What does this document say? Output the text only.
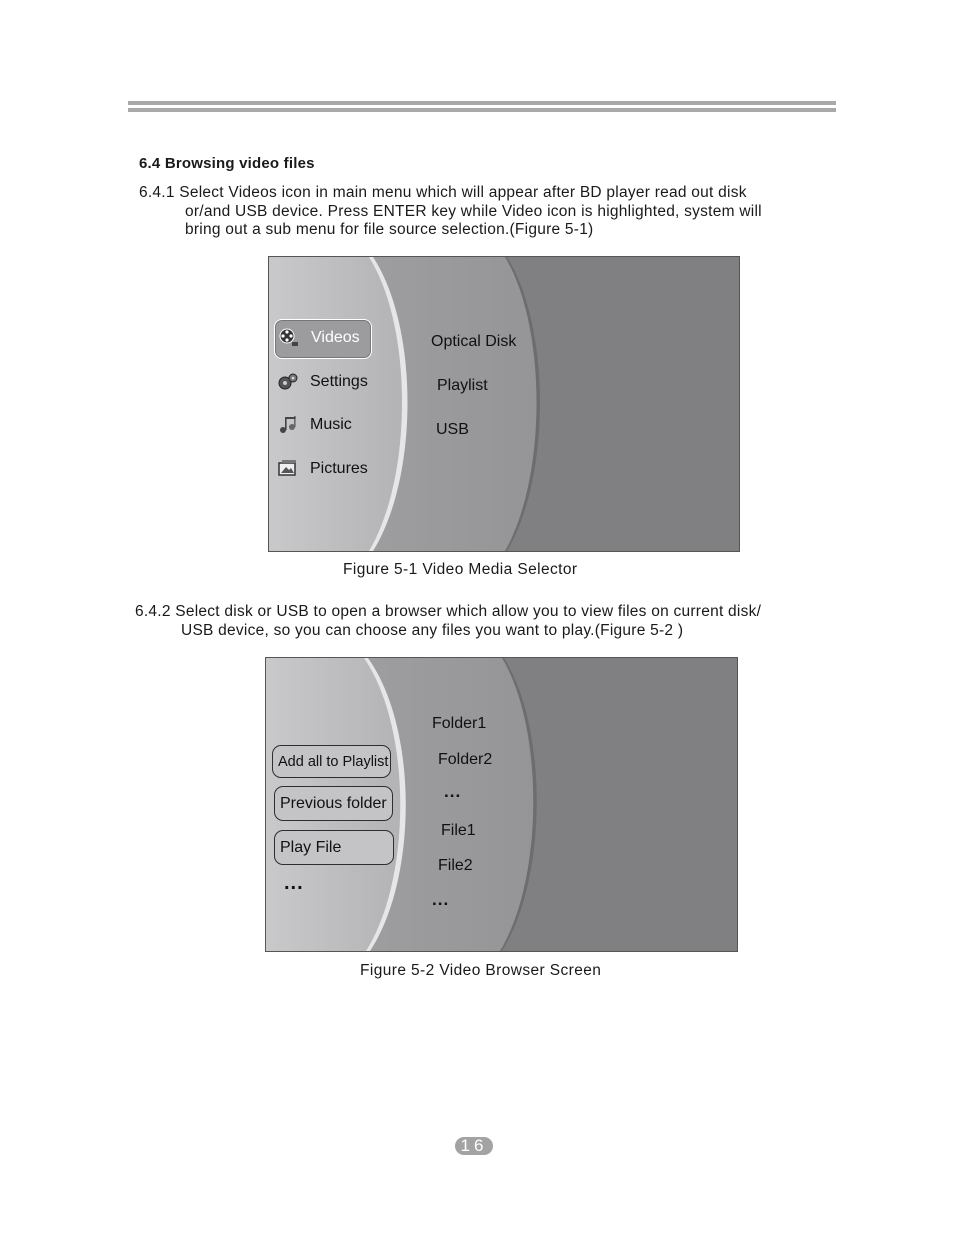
6.4 Browsing video files
6.4.1 Select Videos icon in main menu which will appear after BD player read out disk
or/and USB device. Press ENTER key while Video icon is highlighted, system will
bring out a sub menu for file source selection.(Figure 5-1)
Videos
Settings
Music
Pictures
Optical Disk
Playlist
USB
Figure 5-1 Video Media Selector
6.4.2 Select disk or USB to open a browser which allow you to view files on current disk/
USB device, so you can choose any files you want to play.(Figure 5-2 )
Add all to Playlist
Previous folder
Play File
...
Folder1
Folder2
...
File1
File2
...
Figure 5-2 Video Browser Screen
16
